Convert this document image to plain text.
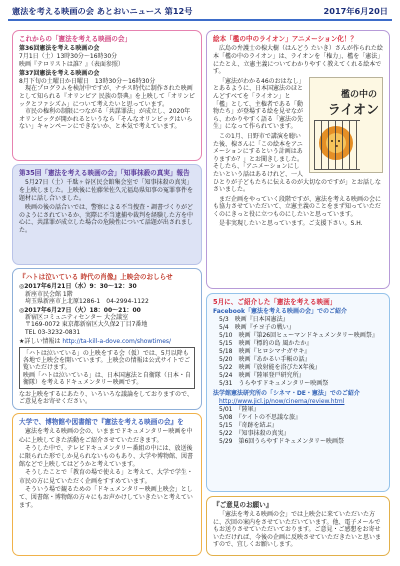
憲法を考える映画の会 あとおいニュース 第12号	2017年6月20日
これからの「憲法を考える映画の会」

第36回憲法を考える映画の会

7月1日（土）13時30分〜16時30分

映画『テロリストは誰？』（表面参照）

第37回憲法を考える映画の会

8月下旬の土曜日か日曜日　13時30分〜16時30分

現在プログラムを検討中ですが、ナチス時代に制作された映画として知られる『オリンピア 民族の祭典』を上映して「オリンピックとファシズム」について考えたいと思っています。

市民の権利の制限につながる「共謀罪法」が成立し、2020年オリンピックが開かれるというなら「そんなオリンピックはいらない」キャンペーンにできないか、と本気で考えています。

第35回「憲法を考える映画の会」「知事抹殺の真実」報告

5月27日（土）千駄ヶ谷区民会館集会室で「知事抹殺の真実」を上映しました。上映後に佐藤栄佐久元福島県知事の冤罪事件を題材に話し合いました。

映画の後の話合いでは、警察による不当捜査・調書づくりがどのようにされているか、実際に不当逮捕や裁判を経験した方を中心に、共謀罪が成立した場合の危険性について話題が出されました。

『ハトは泣いている 時代の肖像』上映会のおしらせ

◎2017年6月21日（水）9：30〜12：30

新座市民会館 1階

埼玉県新座市上北原1286-1　04-2994-1122

◎2017年6月27日（火）18：00〜21：00

新宿区コミュニティセンター 大会議室

〒169-0072 東京都新宿区大久保2丁目7番地

TEL 03-3232-0831

★詳しい情報は http://ta-kill-a-dove.com/showtimes/

「ハトは泣いている」の上映をする会（仮）では、5月以降も各地で上映会を開いています。上映会の情報は公式サイトでご覧いただけます。

映画「ハトは泣いている」は、日本国憲法と自衛隊（日本・自衛隊）を考えるドキュメンタリー映画です。

なお上映をするにあたり、いろいろな議論をしておりますので、ご意見をお寄せください。

大学で、博物館や図書館で『憲法を考える映画の会』を

憲法を考える映画の会の、いままでドキュメンタリー映画を中心に上映してきた活動をご紹介させていただきます。

そうした中で、テレビドキュメンタリー番組の中には、放送後に限られた形でしか見られないものもあり、大学や博物館、図書館などで上映してはどうかと考えています。

そうしたことで「教育の場で使える」と考えて、大学で学生・市民の方に見ていただく企画をすすめています。

そういう場で観るための「ドキュメンタリー映画上映会」として、図書館・博物館の方々にもお声かけしていきたいと考えています。

絵本「檻の中のライオン」アニメーション化！？

広島の弁護士の楾大樹（はんどう たいき）さんが作られた絵本「檻の中のライオン」は、ライオンを「権力」、檻を「憲法」にたとえ、立憲主義についてわかりやすく教えてくれる絵本です。

檻の中の
ライオン

「憲法がわかる46のおはなし」とあるように、日本国憲法のほとんどすべてを「ライオン」と「檻」として、主権者である「動物たち」が登場する絵を見せながら、わかりやすく語る「憲法の先生」になって作られています。

この1月、日野市で講演を聴いた後、楾さんに「この絵本をアニメーションにするという計画はありますか？」とお聞きしました。そしたら、「アニメーションにしたいという話はあるけれど、一人ひとりが子どもたちに伝えるのが大切なのですが」とお話しなさいました。

まだ企画をやっていく段階ですが、憲法を考える映画の会にも協力させていただいて、立憲主義のことをまず知っていただくのにきっと役に立つものにしたいと思っています。

是非実現したいと思っています。ご支援下さい。S.H.

5月に、ご紹介した「憲法を考える映画」

Facebook「憲法を考える映画の会」でのご紹介

5/3　映画『日本国憲法』

5/4　映画『チヨ子の戦い』

5/10　映画『第26回ヒューマンドキュメンタリー映画祭』

5/15　映画『標的の島 風かたか』

5/18　映画『ヒロシマナガサキ』

5/20　映画『あかるい手帳の話』

5/22　映画『放射能を浴びたX年後』

5/24　映画『陸軍登戸研究所』

5/31　うらやすドキュメンタリー映画祭

法学館憲法研究所の「シネマ・DE・憲法」でのご紹介

http://www.jicl.jp/now/cinema/review.html

5/01　『陸軍』

5/08　『ケイトの不思議な旅』

5/15　『奇跡を結ぶ』

5/22　『知事抹殺の真実』

5/29　第6回うらやすドキュメンタリー映画祭

『ご意見のお願い』

「憲法を考える映画の会」では上映会に来ていただいた方に、次回の案内をさせていただいています。他、電子メールでもお送りさせていただいております。ご意見・ご感想をお寄せいただければ、今後の企画に反映させていただきたいと思いますので、宜しくお願いします。
